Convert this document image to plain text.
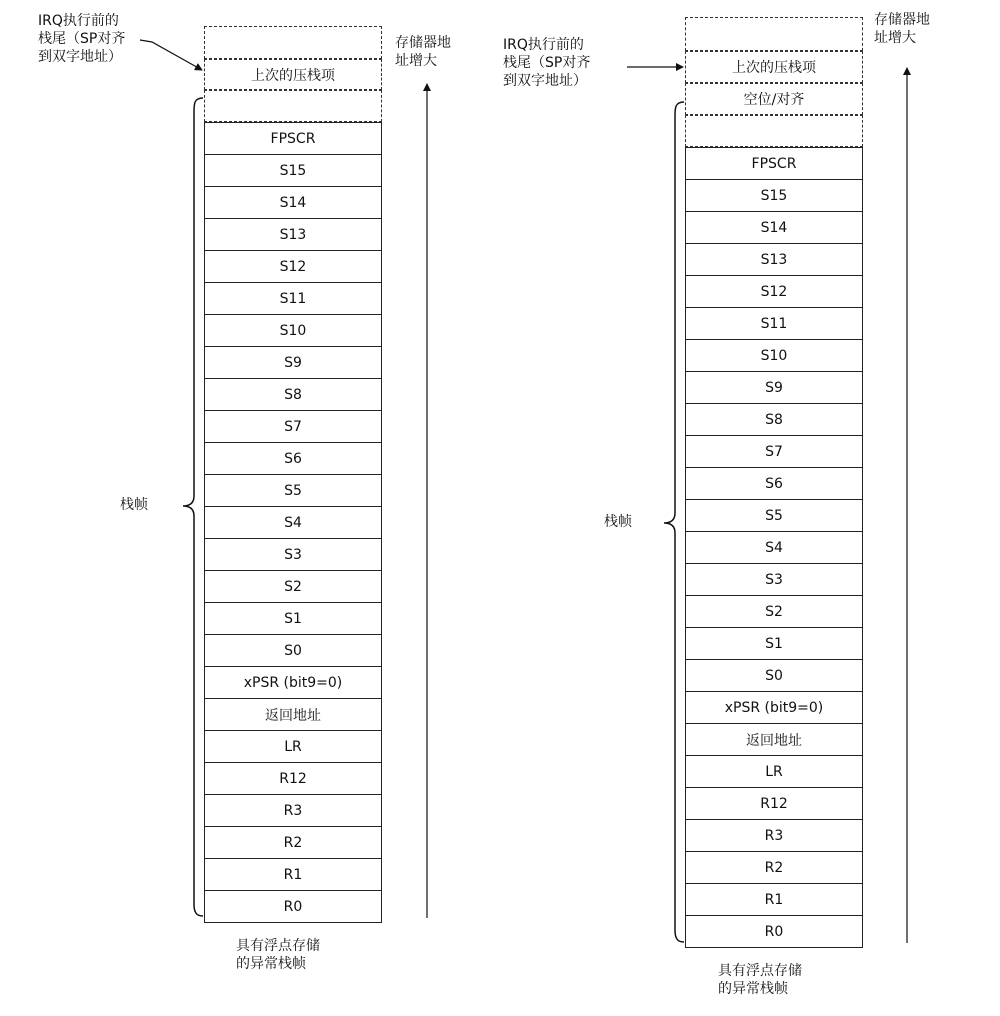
IRQ执行前的
栈尾（SP对齐
到双字地址）
存储器地
址增大
栈帧
具有浮点存储
的异常栈帧
上次的压栈项
FPSCR
S15
S14
S13
S12
S11
S10
S9
S8
S7
S6
S5
S4
S3
S2
S1
S0
xPSR (bit9=0)
返回地址
LR
R12
R3
R2
R1
R0
IRQ执行前的
栈尾（SP对齐
到双字地址）
存储器地
址增大
栈帧
具有浮点存储
的异常栈帧
上次的压栈项
空位/对齐
FPSCR
S15
S14
S13
S12
S11
S10
S9
S8
S7
S6
S5
S4
S3
S2
S1
S0
xPSR (bit9=0)
返回地址
LR
R12
R3
R2
R1
R0
